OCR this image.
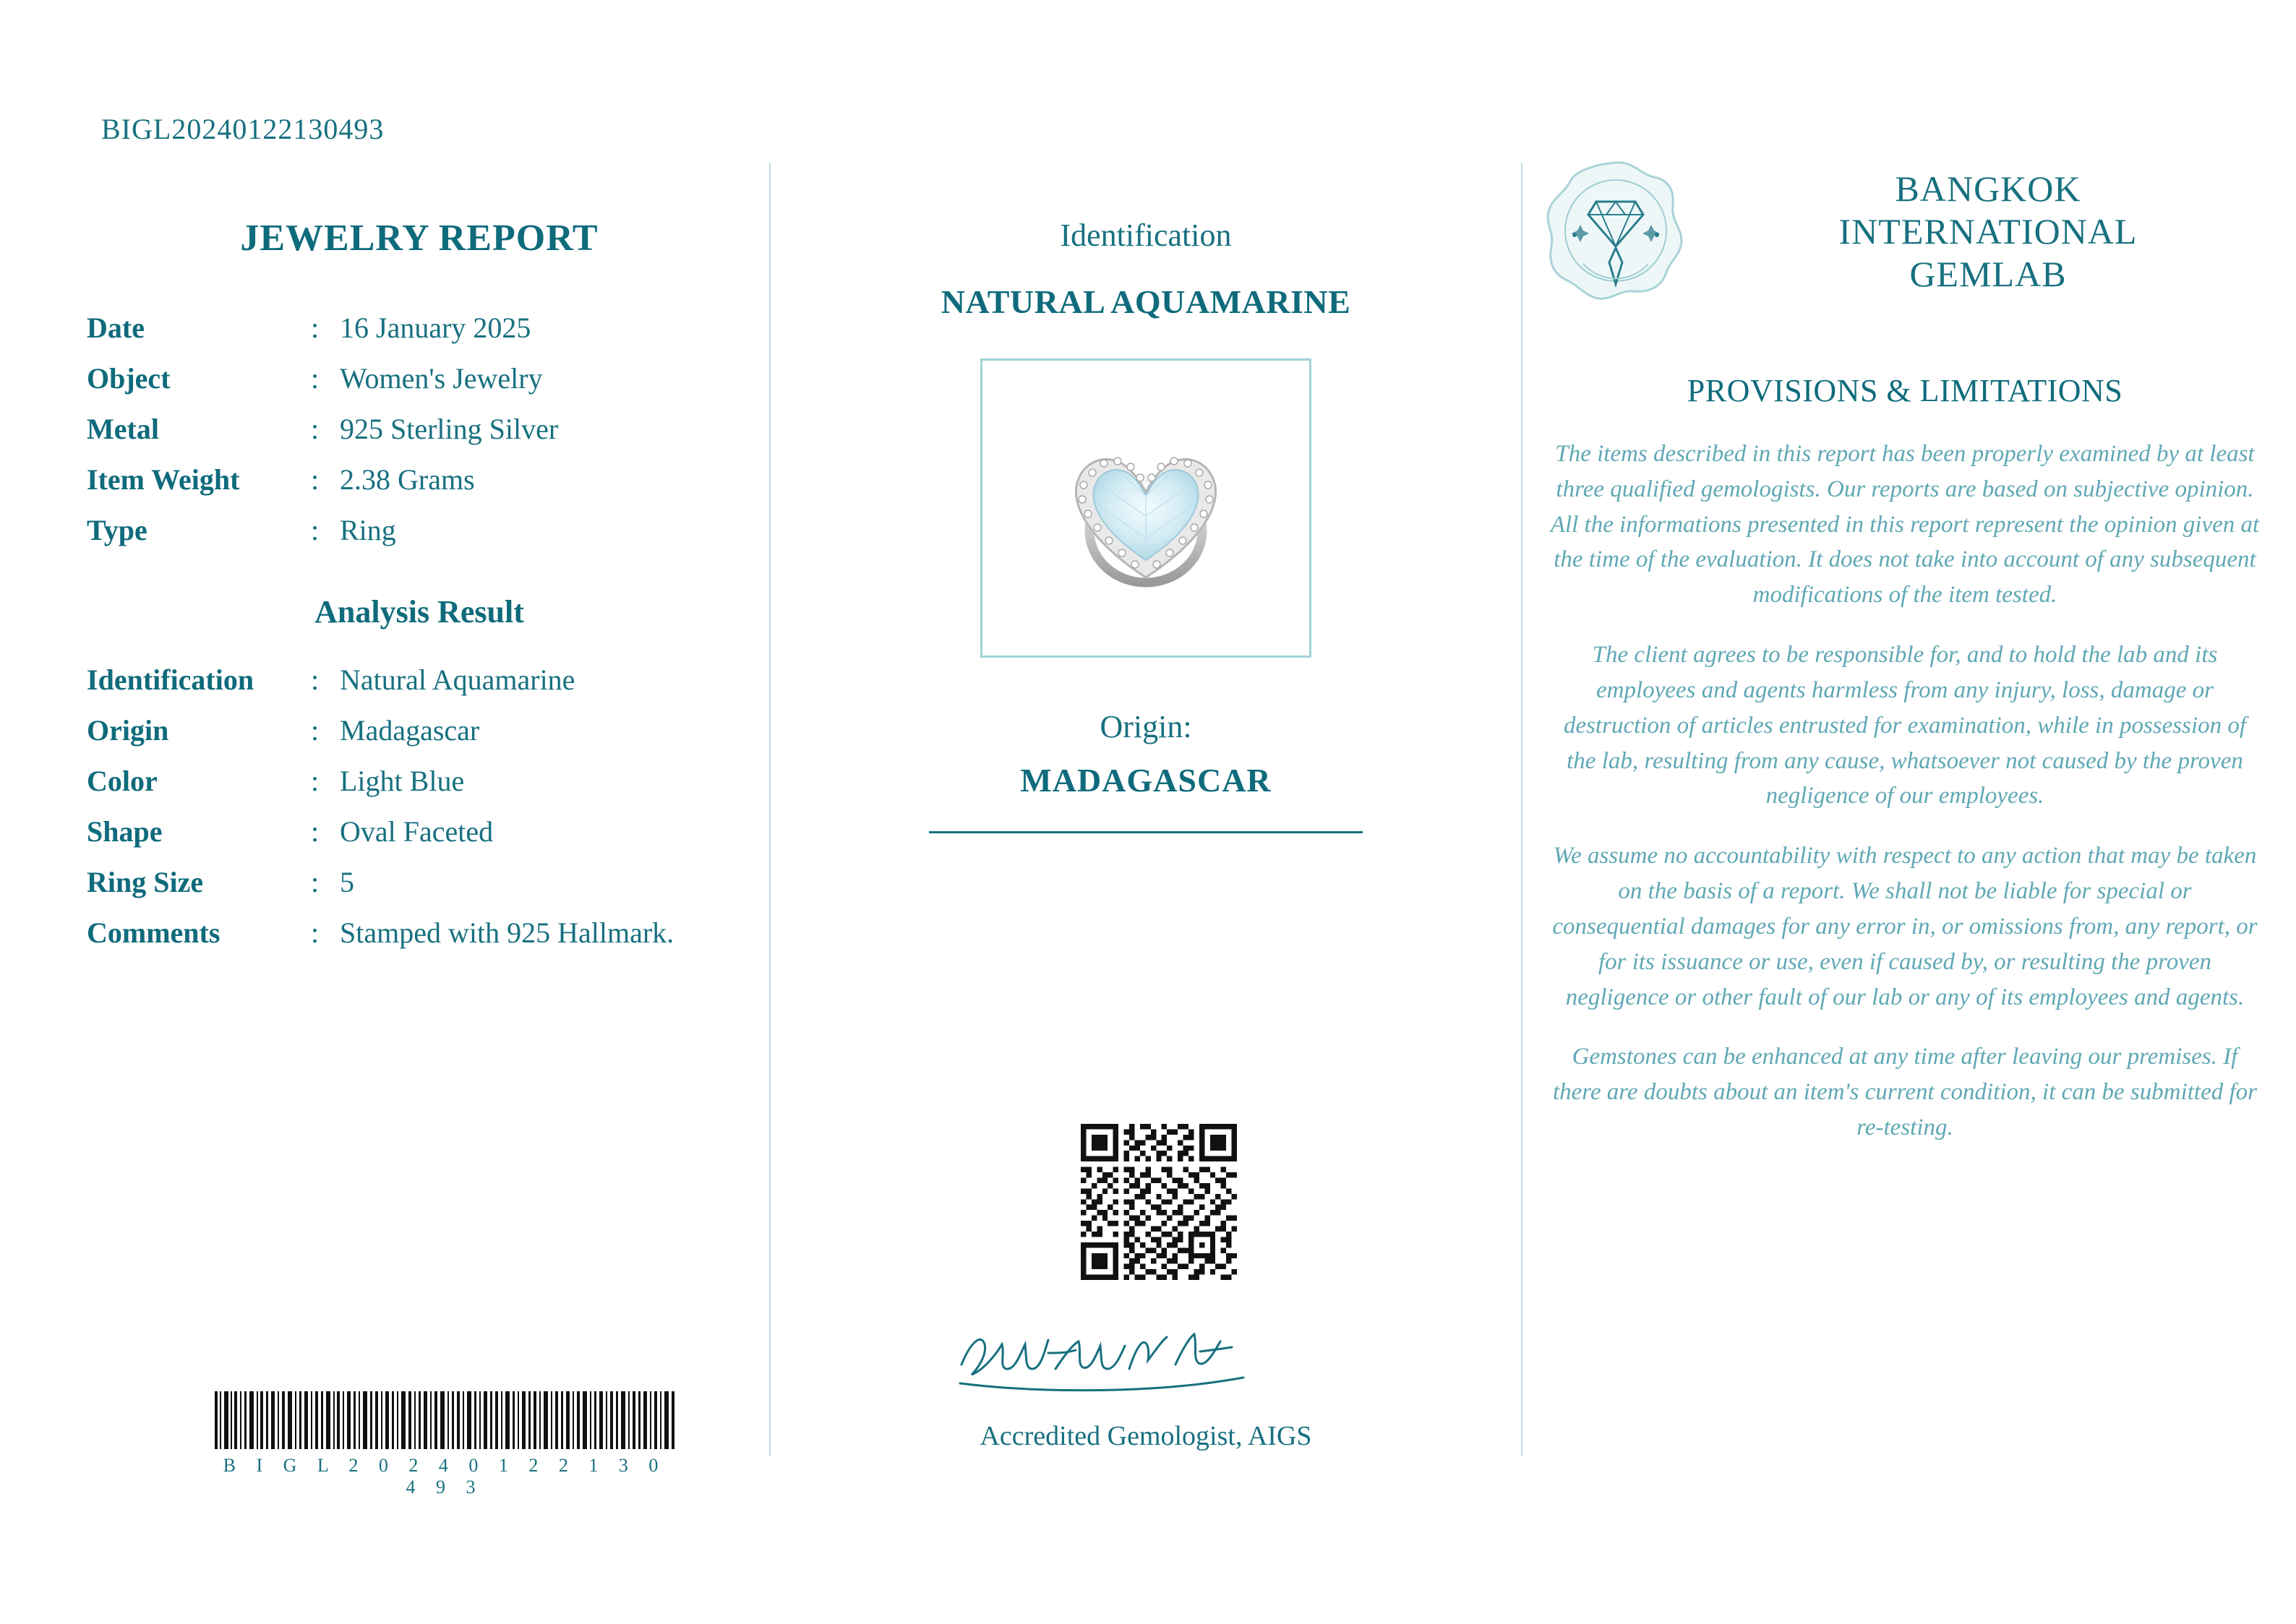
BIGL20240122130493
JEWELRY REPORT
Date	:	16 January 2025
Object	:	Women's Jewelry
Metal	:	925 Sterling Silver
Item Weight	:	2.38 Grams
Type	:	Ring
Analysis Result
Identification	:	Natural Aquamarine
Origin	:	Madagascar
Color	:	Light Blue
Shape	:	Oval Faceted
Ring Size	:	5
Comments	:	Stamped with 925 Hallmark.
B I G L 2 0 2 4 0 1 2 2 1 3 0 4 9 3
Identification
NATURAL AQUAMARINE
Origin:
MADAGASCAR
Accredited Gemologist, AIGS
BANGKOK
INTERNATIONAL
GEMLAB
PROVISIONS & LIMITATIONS

The items described in this report has been properly examined by at least three qualified gemologists. Our reports are based on subjective opinion. All the informations presented in this report represent the opinion given at the time of the evaluation. It does not take into account of any subsequent modifications of the item tested.

The client agrees to be responsible for, and to hold the lab and its employees and agents harmless from any injury, loss, damage or destruction of articles entrusted for examination, while in possession of the lab, resulting from any cause, whatsoever not caused by the proven negligence of our employees.

We assume no accountability with respect to any action that may be taken on the basis of a report. We shall not be liable for special or consequential damages for any error in, or omissions from, any report, or for its issuance or use, even if caused by, or resulting the proven negligence or other fault of our lab or any of its employees and agents.

Gemstones can be enhanced at any time after leaving our premises. If there are doubts about an item's current condition, it can be submitted for re-testing.
